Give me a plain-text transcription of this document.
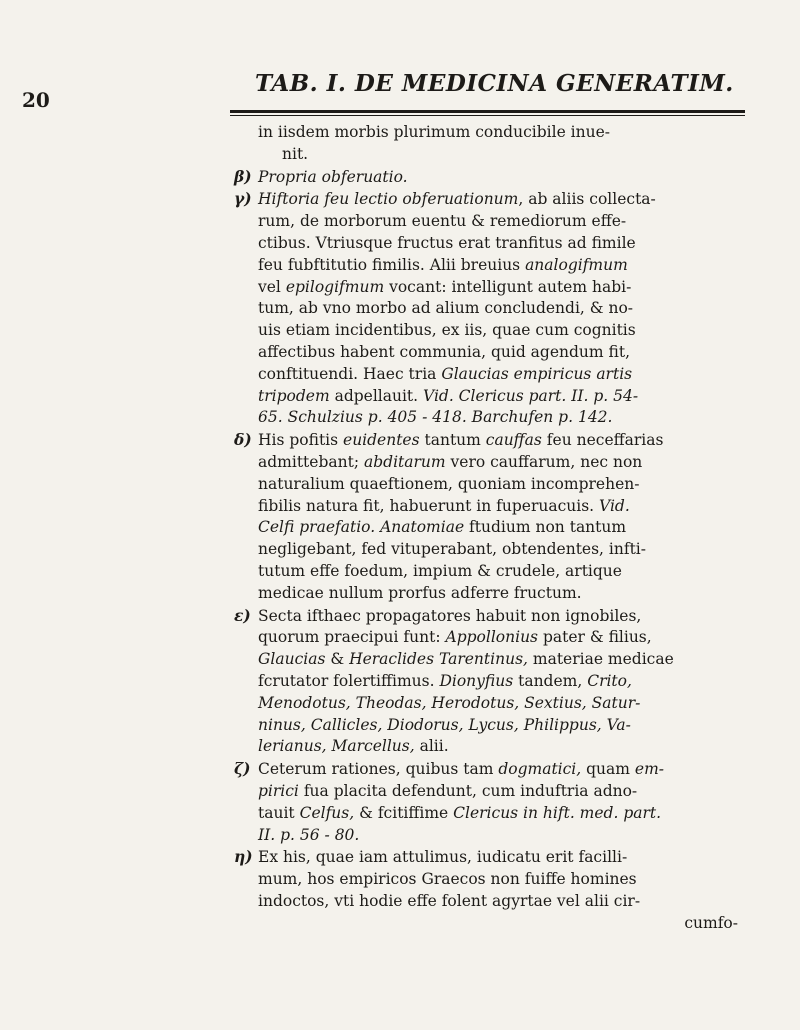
20
TAB. I. DE MEDICINA GENERATIM.
in iisdem morbis plurimum conducibile inue-
nit.
β) Propria obferuatio.
γ) Hiftoria feu lectio obferuationum, ab aliis collecta-
rum, de morborum euentu & remediorum effe-
ctibus. Vtriusque fructus erat tranfitus ad fimile
feu fubftitutio fimilis. Alii breuius analogifmum
vel epilogifmum vocant: intelligunt autem habi-
tum, ab vno morbo ad alium concludendi, & no-
uis etiam incidentibus, ex iis, quae cum cognitis
affectibus habent communia, quid agendum fit,
conftituendi. Haec tria Glaucias empiricus artis
tripodem adpellauit. Vid. Clericus part. II. p. 54-
65. Schulzius p. 405 - 418. Barchufen p. 142.
δ) His pofitis euidentes tantum cauffas feu neceffarias
admittebant; abditarum vero cauffarum, nec non
naturalium quaeftionem, quoniam incomprehen-
fibilis natura fit, habuerunt in fuperuacuis. Vid.
Celfi praefatio. Anatomiae ftudium non tantum
negligebant, fed vituperabant, obtendentes, infti-
tutum effe foedum, impium & crudele, artique
medicae nullum prorfus adferre fructum.
ε) Secta ifthaec propagatores habuit non ignobiles,
quorum praecipui funt: Appollonius pater & filius,
Glaucias & Heraclides Tarentinus, materiae medicae
fcrutator folertiffimus. Dionyfius tandem, Crito,
Menodotus, Theodas, Herodotus, Sextius, Satur-
ninus, Callicles, Diodorus, Lycus, Philippus, Va-
lerianus, Marcellus, alii.
ζ) Ceterum rationes, quibus tam dogmatici, quam em-
pirici fua placita defendunt, cum induftria adno-
tauit Celfus, & fcitiffime Clericus in hift. med. part.
II. p. 56 - 80.
η) Ex his, quae iam attulimus, iudicatu erit facilli-
mum, hos empiricos Graecos non fuiffe homines
indoctos, vti hodie effe folent agyrtae vel alii cir-
cumfo-
